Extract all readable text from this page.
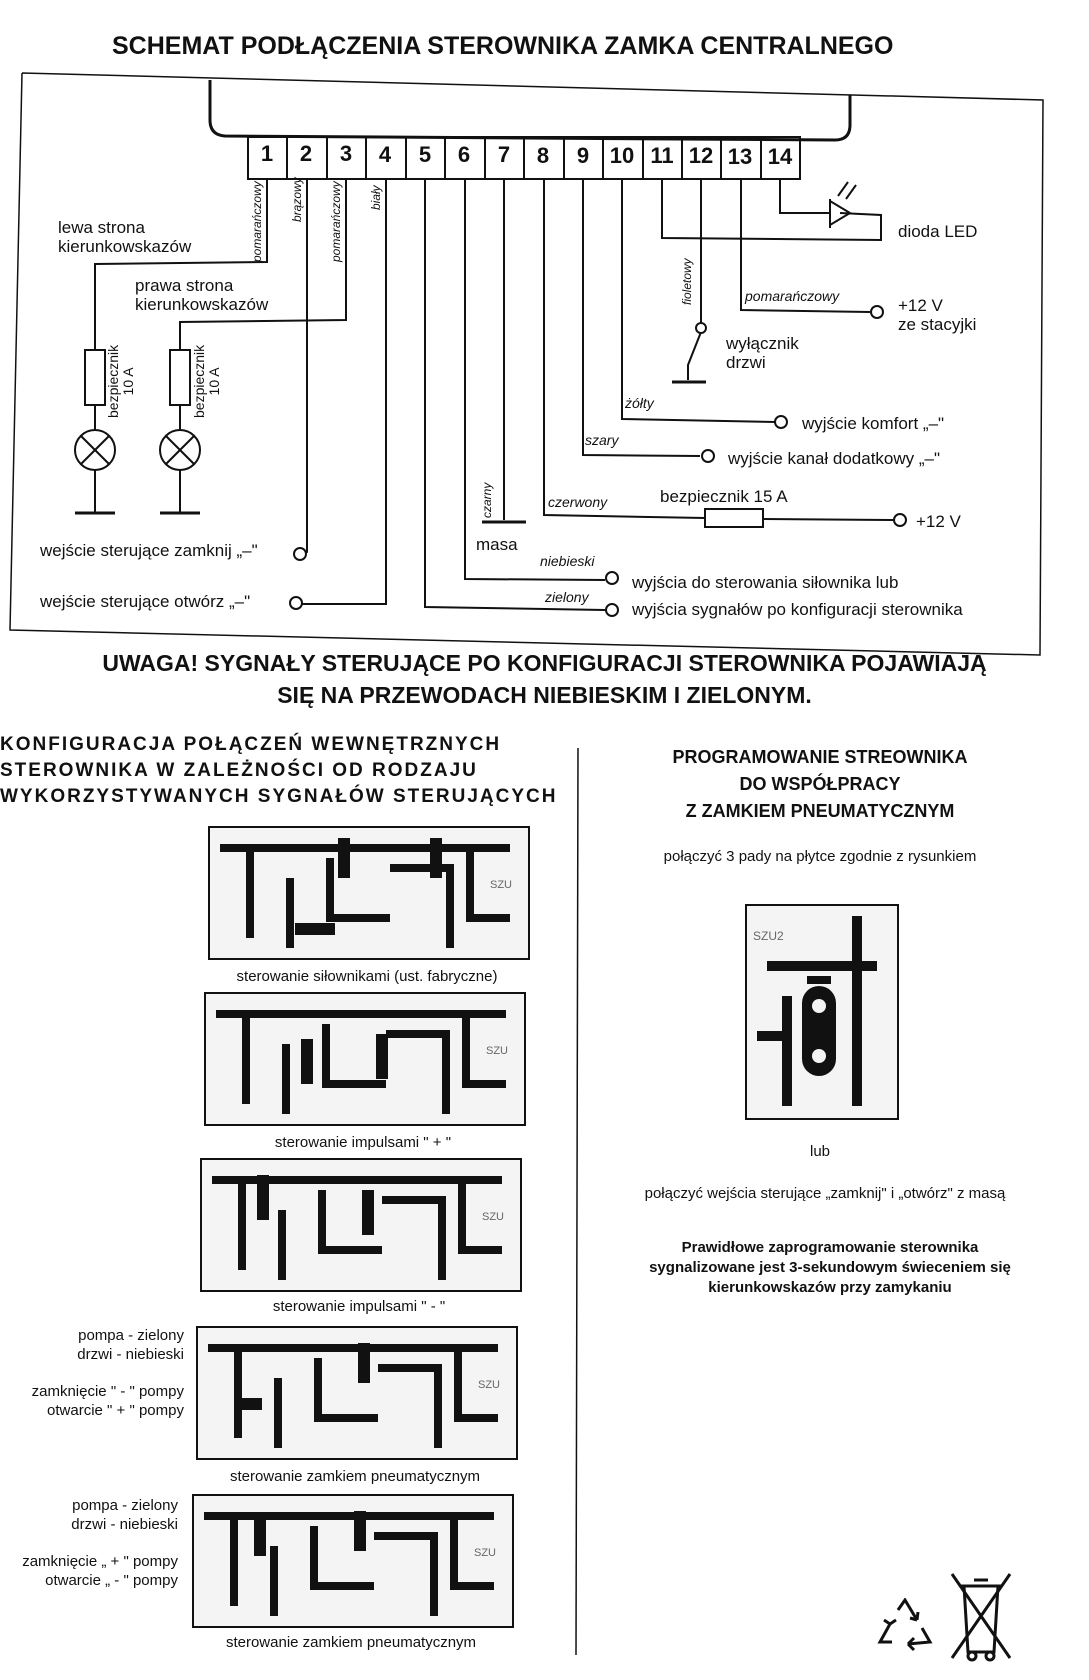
SCHEMAT PODŁĄCZENIA STEROWNIKA ZAMKA CENTRALNEGO
1	2	3	4	5	6	7	8	9 10 11 12 13 14
pomarańczowy brązowy pomarańczowy biały
fioletowy
czarny
pomarańczowy
żółty
szary
czerwony
niebieski
zielony
lewa strona
kierunkowskazów
prawa strona
kierunkowskazów
bezpiecznik
10 A	bezpiecznik
10 A
wejście sterujące zamknij „–"
wejście sterujące otwórz „–"
masa
dioda LED
+12 V
ze stacyjki
wyłącznik
drzwi
wyjście komfort „–"
wyjście kanał dodatkowy „–"
bezpiecznik 15 A
+12 V
wyjścia do sterowania siłownika lub
wyjścia sygnałów po konfiguracji sterownika
UWAGA! SYGNAŁY STERUJĄCE PO KONFIGURACJI STEROWNIKA POJAWIAJĄ
SIĘ NA PRZEWODACH NIEBIESKIM I ZIELONYM.
KONFIGURACJA POŁĄCZEŃ WEWNĘTRZNYCH
STEROWNIKA W ZALEŻNOŚCI OD RODZAJU
WYKORZYSTYWANYCH SYGNAŁÓW STERUJĄCYCH
SZU
sterowanie siłownikami (ust. fabryczne)
SZU
sterowanie impulsami " + "
SZU
sterowanie impulsami " - "
SZU
sterowanie zamkiem pneumatycznym
SZU
sterowanie zamkiem pneumatycznym
pompa - zielony
drzwi - niebieski
zamknięcie " - " pompy
otwarcie " + " pompy
pompa - zielony
drzwi - niebieski
zamknięcie „ + " pompy
otwarcie „ - " pompy
PROGRAMOWANIE STREOWNIKA
DO WSPÓŁPRACY
Z ZAMKIEM PNEUMATYCZNYM
połączyć 3 pady na płytce zgodnie z rysunkiem
SZU2
lub
połączyć wejścia sterujące „zamknij" i „otwórz" z masą
Prawidłowe zaprogramowanie sterownika
sygnalizowane jest 3-sekundowym świeceniem się
kierunkowskazów przy zamykaniu
